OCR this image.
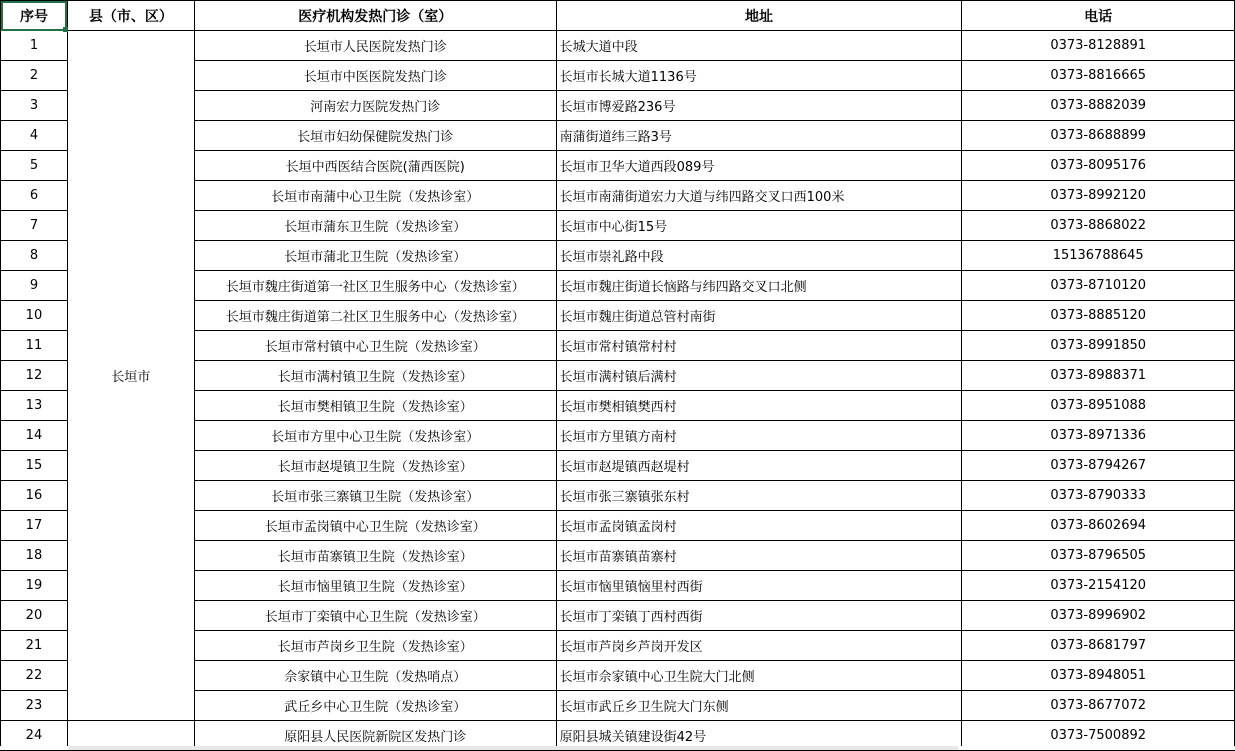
序号	县（市、区）	医疗机构发热门诊（室）	地址	电话
1	长垣市	长垣市人民医院发热门诊	长城大道中段	0373-8128891
2		长垣市中医医院发热门诊	长垣市长城大道1136号	0373-8816665
3		河南宏力医院发热门诊	长垣市博爱路236号	0373-8882039
4		长垣市妇幼保健院发热门诊	南蒲街道纬三路3号	0373-8688899
5		长垣中西医结合医院(蒲西医院)	长垣市卫华大道西段089号	0373-8095176
6		长垣市南蒲中心卫生院（发热诊室）	长垣市南蒲街道宏力大道与纬四路交叉口西100米	0373-8992120
7		长垣市蒲东卫生院（发热诊室）	长垣市中心街15号	0373-8868022
8		长垣市蒲北卫生院（发热诊室）	长垣市崇礼路中段	15136788645
9		长垣市魏庄街道第一社区卫生服务中心（发热诊室）	长垣市魏庄街道长恼路与纬四路交叉口北侧	0373-8710120
10		长垣市魏庄街道第二社区卫生服务中心（发热诊室）	长垣市魏庄街道总管村南街	0373-8885120
11		长垣市常村镇中心卫生院（发热诊室）	长垣市常村镇常村村	0373-8991850
12		长垣市满村镇卫生院（发热诊室）	长垣市满村镇后满村	0373-8988371
13		长垣市樊相镇卫生院（发热诊室）	长垣市樊相镇樊西村	0373-8951088
14		长垣市方里中心卫生院（发热诊室）	长垣市方里镇方南村	0373-8971336
15		长垣市赵堤镇卫生院（发热诊室）	长垣市赵堤镇西赵堤村	0373-8794267
16		长垣市张三寨镇卫生院（发热诊室）	长垣市张三寨镇张东村	0373-8790333
17		长垣市孟岗镇中心卫生院（发热诊室）	长垣市孟岗镇孟岗村	0373-8602694
18		长垣市苗寨镇卫生院（发热诊室）	长垣市苗寨镇苗寨村	0373-8796505
19		长垣市恼里镇卫生院（发热诊室）	长垣市恼里镇恼里村西街	0373-2154120
20		长垣市丁栾镇中心卫生院（发热诊室）	长垣市丁栾镇丁西村西街	0373-8996902
21		长垣市芦岗乡卫生院（发热诊室）	长垣市芦岗乡芦岗开发区	0373-8681797
22		佘家镇中心卫生院（发热哨点）	长垣市佘家镇中心卫生院大门北侧	0373-8948051
23		武丘乡中心卫生院（发热诊室）	长垣市武丘乡卫生院大门东侧	0373-8677072
24		原阳县人民医院新院区发热门诊	原阳县城关镇建设街42号	0373-7500892
